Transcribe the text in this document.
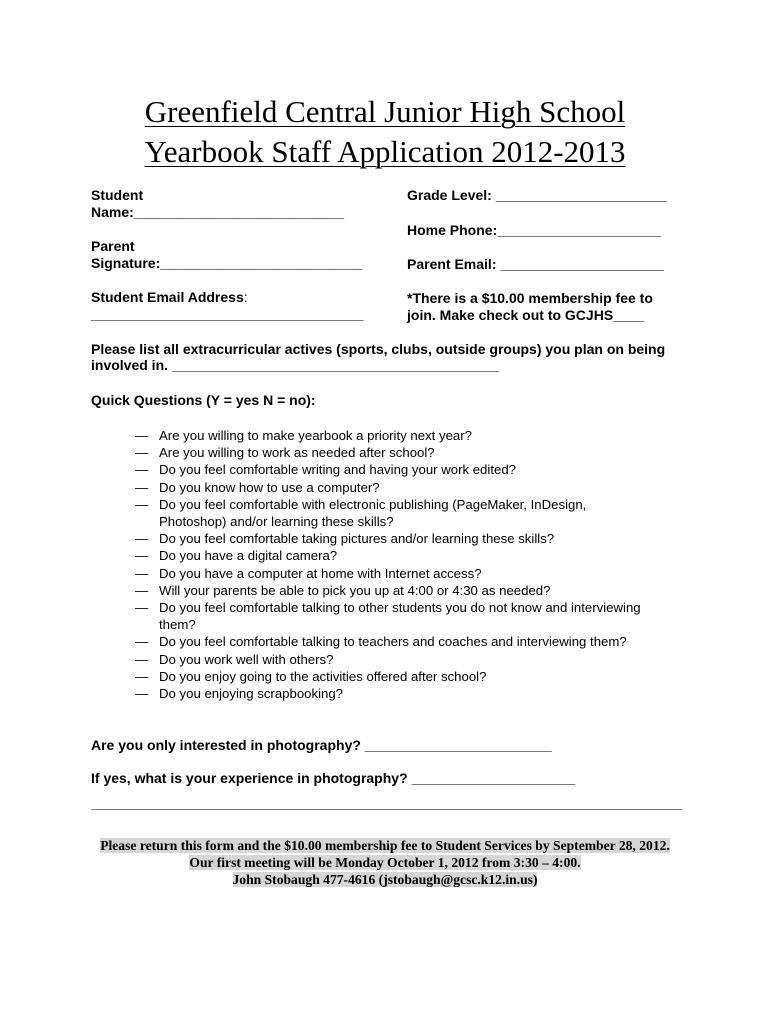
Greenfield Central Junior High School
Yearbook Staff Application 2012-2013
Student
Name:___________________________
Grade Level: ______________________
Home Phone:_____________________
Parent
Signature:__________________________	Parent Email: _____________________
Student Email Address:
___________________________________
*There is a $10.00 membership fee to
join. Make check out to GCJHS____
Please list all extracurricular actives (sports, clubs, outside groups) you plan on being
involved in. __________________________________________
Quick Questions (Y = yes N = no):
— Are you willing to make yearbook a priority next year?
— Are you willing to work as needed after school?
— Do you feel comfortable writing and having your work edited?
— Do you know how to use a computer?
— Do you feel comfortable with electronic publishing (PageMaker, InDesign,
Photoshop) and/or learning these skills?
— Do you feel comfortable taking pictures and/or learning these skills?
— Do you have a digital camera?
— Do you have a computer at home with Internet access?
— Will your parents be able to pick you up at 4:00 or 4:30 as needed?
— Do you feel comfortable talking to other students you do not know and interviewing
them?
— Do you feel comfortable talking to teachers and coaches and interviewing them?
— Do you work well with others?
— Do you enjoy going to the activities offered after school?
— Do you enjoying scrapbooking?
Are you only interested in photography? ________________________
If yes, what is your experience in photography? _____________________
________________________________________________________________________________
Please return this form and the $10.00 membership fee to Student Services by September 28, 2012.
Our first meeting will be Monday October 1, 2012 from 3:30 – 4:00.
John Stobaugh 477-4616 (jstobaugh@gcsc.k12.in.us)
